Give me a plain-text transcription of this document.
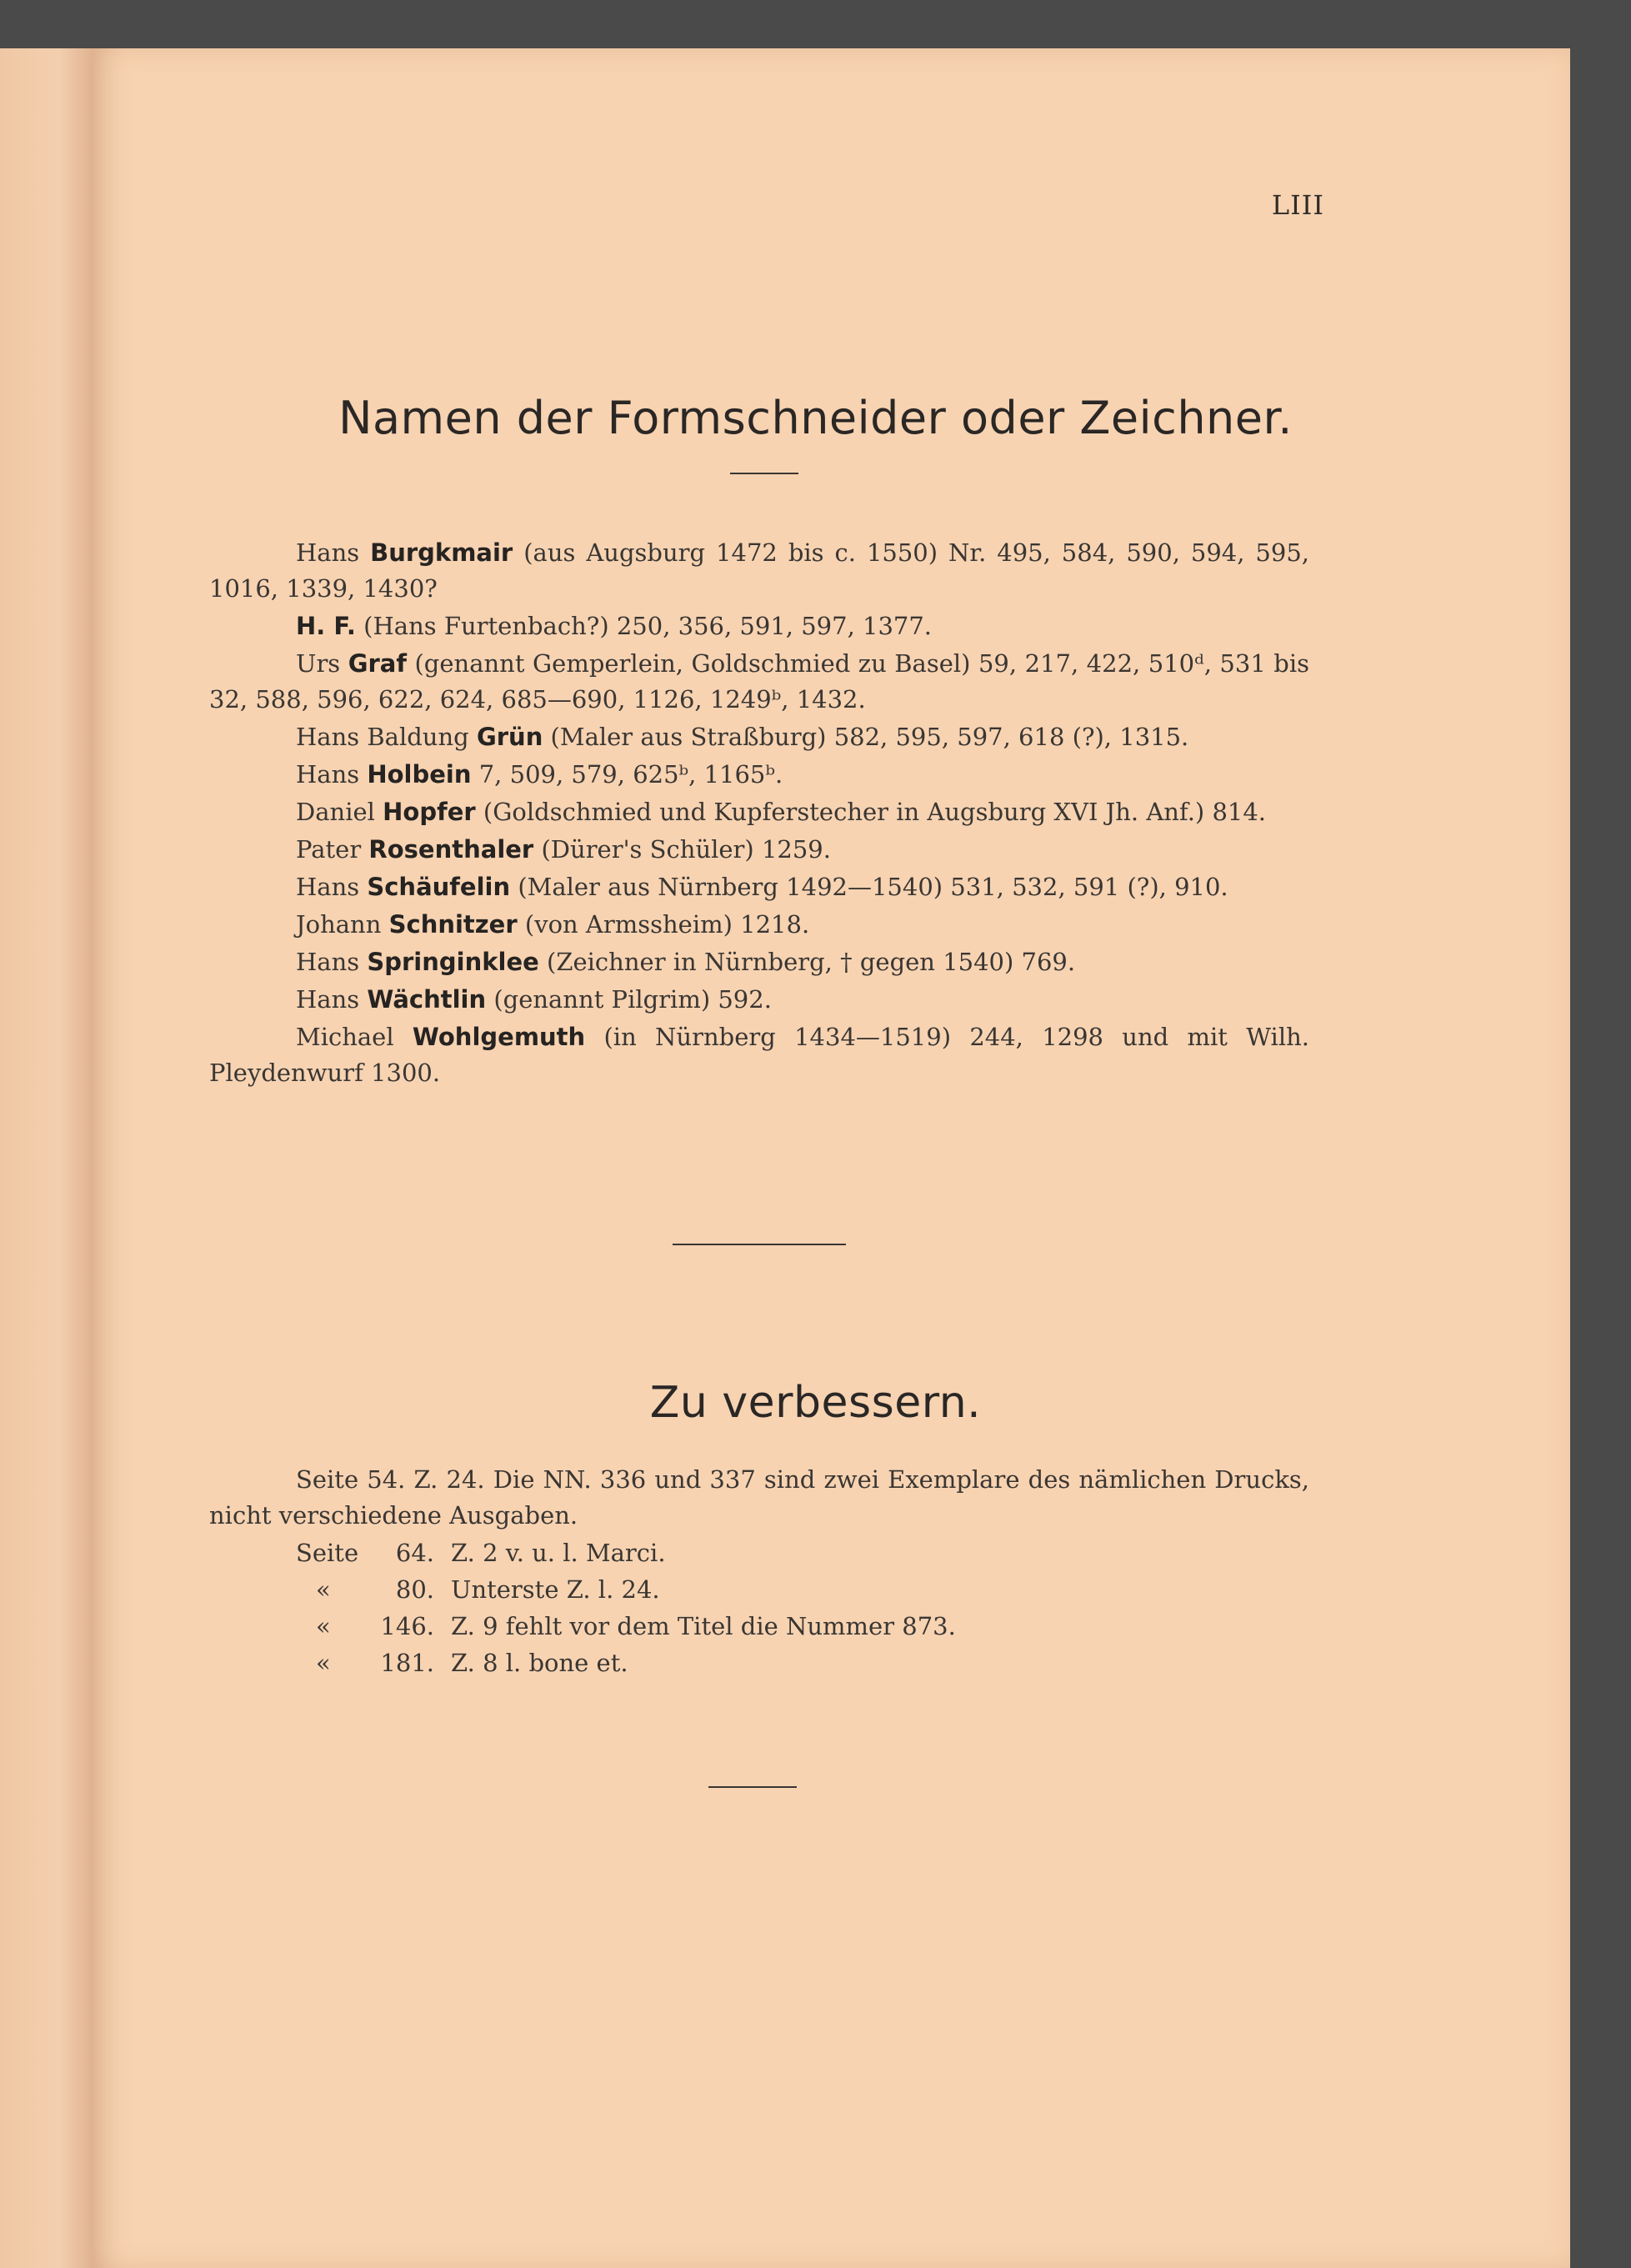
LIII
Namen der Formschneider oder Zeichner.

Hans Burgkmair (aus Augsburg 1472 bis c. 1550) Nr. 495, 584, 590, 594, 595, 1016, 1339, 1430?

H. F. (Hans Furtenbach?) 250, 356, 591, 597, 1377.

Urs Graf (genannt Gemperlein, Goldschmied zu Basel) 59, 217, 422, 510ᵈ, 531 bis 32, 588, 596, 622, 624, 685—690, 1126, 1249ᵇ, 1432.

Hans Baldung Grün (Maler aus Straßburg) 582, 595, 597, 618 (?), 1315.

Hans Holbein 7, 509, 579, 625ᵇ, 1165ᵇ.

Daniel Hopfer (Goldschmied und Kupferstecher in Augsburg XVI Jh. Anf.) 814.

Pater Rosenthaler (Dürer's Schüler) 1259.

Hans Schäufelin (Maler aus Nürnberg 1492—1540) 531, 532, 591 (?), 910.

Johann Schnitzer (von Armssheim) 1218.

Hans Springinklee (Zeichner in Nürnberg, † gegen 1540) 769.

Hans Wächtlin (genannt Pilgrim) 592.

Michael Wohlgemuth (in Nürnberg 1434—1519) 244, 1298 und mit Wilh. Pleydenwurf 1300.

Zu verbessern.

Seite 54. Z. 24. Die NN. 336 und 337 sind zwei Exemplare des nämlichen Drucks, nicht verschiedene Ausgaben.

Seite	64. Z. 2 v. u. l. Marci.
«	80. Unterste Z. l. 24.
«	146. Z. 9 fehlt vor dem Titel die Nummer 873.
«	181. Z. 8 l. bone et.
